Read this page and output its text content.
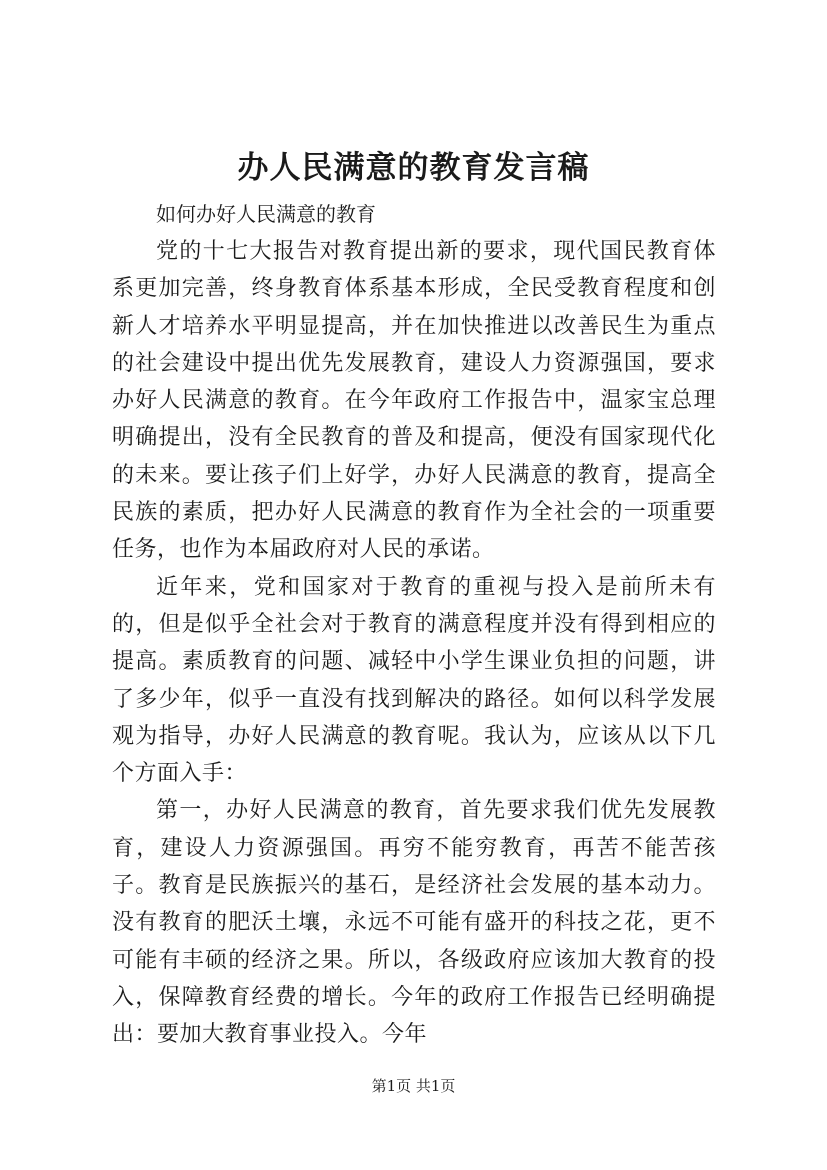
办人民满意的教育发言稿

如何办好人民满意的教育

党的十七大报告对教育提出新的要求，现代国民教育体系更加完善，终身教育体系基本形成，全民受教育程度和创新人才培养水平明显提高，并在加快推进以改善民生为重点的社会建设中提出优先发展教育，建设人力资源强国，要求办好人民满意的教育。在今年政府工作报告中，温家宝总理明确提出，没有全民教育的普及和提高，便没有国家现代化的未来。要让孩子们上好学，办好人民满意的教育，提高全民族的素质，把办好人民满意的教育作为全社会的一项重要任务，也作为本届政府对人民的承诺。

近年来，党和国家对于教育的重视与投入是前所未有的，但是似乎全社会对于教育的满意程度并没有得到相应的提高。素质教育的问题、减轻中小学生课业负担的问题，讲了多少年，似乎一直没有找到解决的路径。如何以科学发展观为指导，办好人民满意的教育呢。我认为，应该从以下几个方面入手：

第一，办好人民满意的教育，首先要求我们优先发展教育，建设人力资源强国。再穷不能穷教育，再苦不能苦孩子。教育是民族振兴的基石，是经济社会发展的基本动力。没有教育的肥沃土壤，永远不可能有盛开的科技之花，更不可能有丰硕的经济之果。所以，各级政府应该加大教育的投入，保障教育经费的增长。今年的政府工作报告已经明确提出：要加大教育事业投入。今年

第1页 共1页
